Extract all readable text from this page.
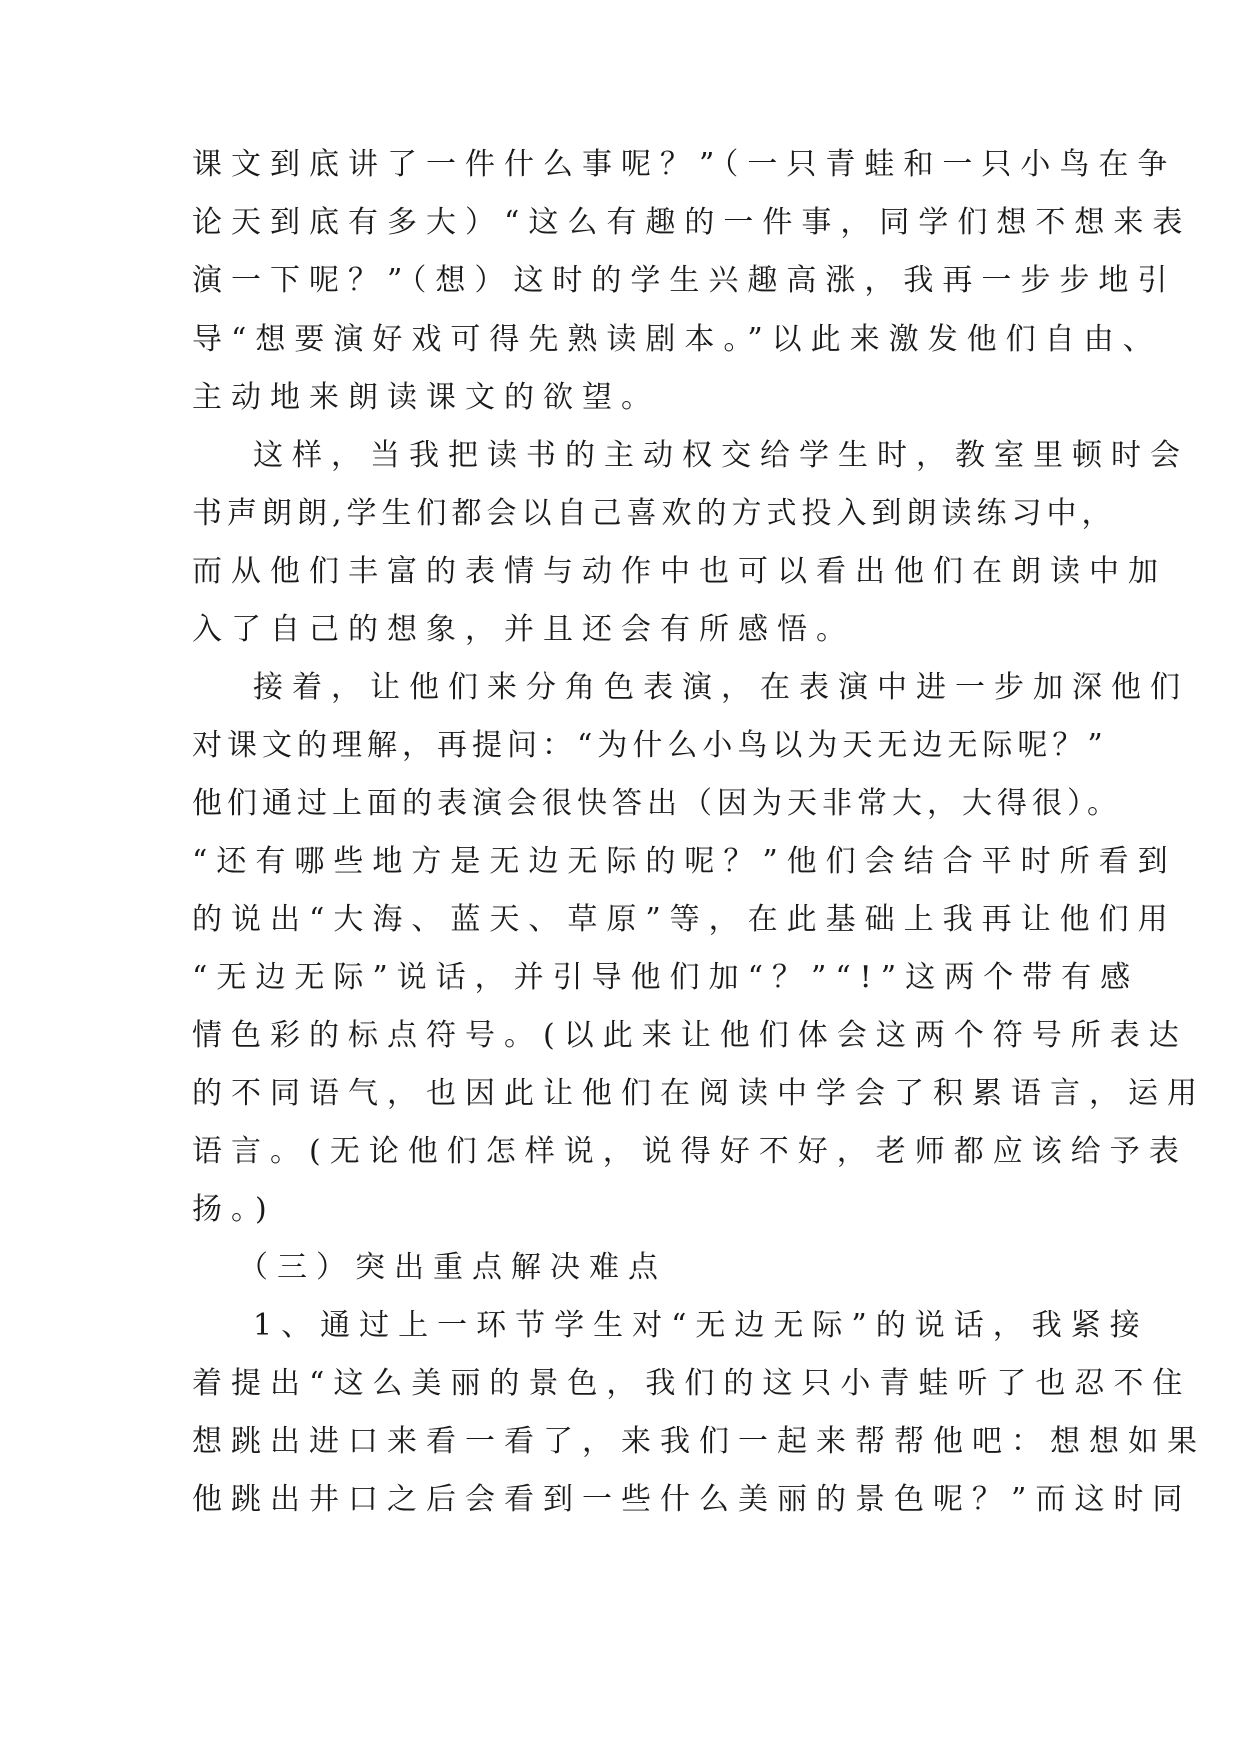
课文到底讲了一件什么事呢？”（一只青蛙和一只小鸟在争
论天到底有多大）“这么有趣的一件事，同学们想不想来表
演一下呢？”（想）这时的学生兴趣高涨，我再一步步地引
导“想要演好戏可得先熟读剧本。”以此来激发他们自由、
主动地来朗读课文的欲望。
这样，当我把读书的主动权交给学生时，教室里顿时会
书声朗朗,学生们都会以自己喜欢的方式投入到朗读练习中，
而从他们丰富的表情与动作中也可以看出他们在朗读中加
入了自己的想象，并且还会有所感悟。
接着，让他们来分角色表演，在表演中进一步加深他们
对课文的理解，再提问：“为什么小鸟以为天无边无际呢？”
他们通过上面的表演会很快答出（因为天非常大，大得很）。
“还有哪些地方是无边无际的呢？”他们会结合平时所看到
的说出“大海、蓝天、草原”等，在此基础上我再让他们用
“无边无际”说话，并引导他们加“？”“!”这两个带有感
情色彩的标点符号。(以此来让他们体会这两个符号所表达
的不同语气，也因此让他们在阅读中学会了积累语言，运用
语言。(无论他们怎样说，说得好不好，老师都应该给予表
扬。)
（三）突出重点解决难点
1、通过上一环节学生对“无边无际”的说话，我紧接
着提出“这么美丽的景色，我们的这只小青蛙听了也忍不住
想跳出进口来看一看了，来我们一起来帮帮他吧：想想如果
他跳出井口之后会看到一些什么美丽的景色呢？”而这时同
